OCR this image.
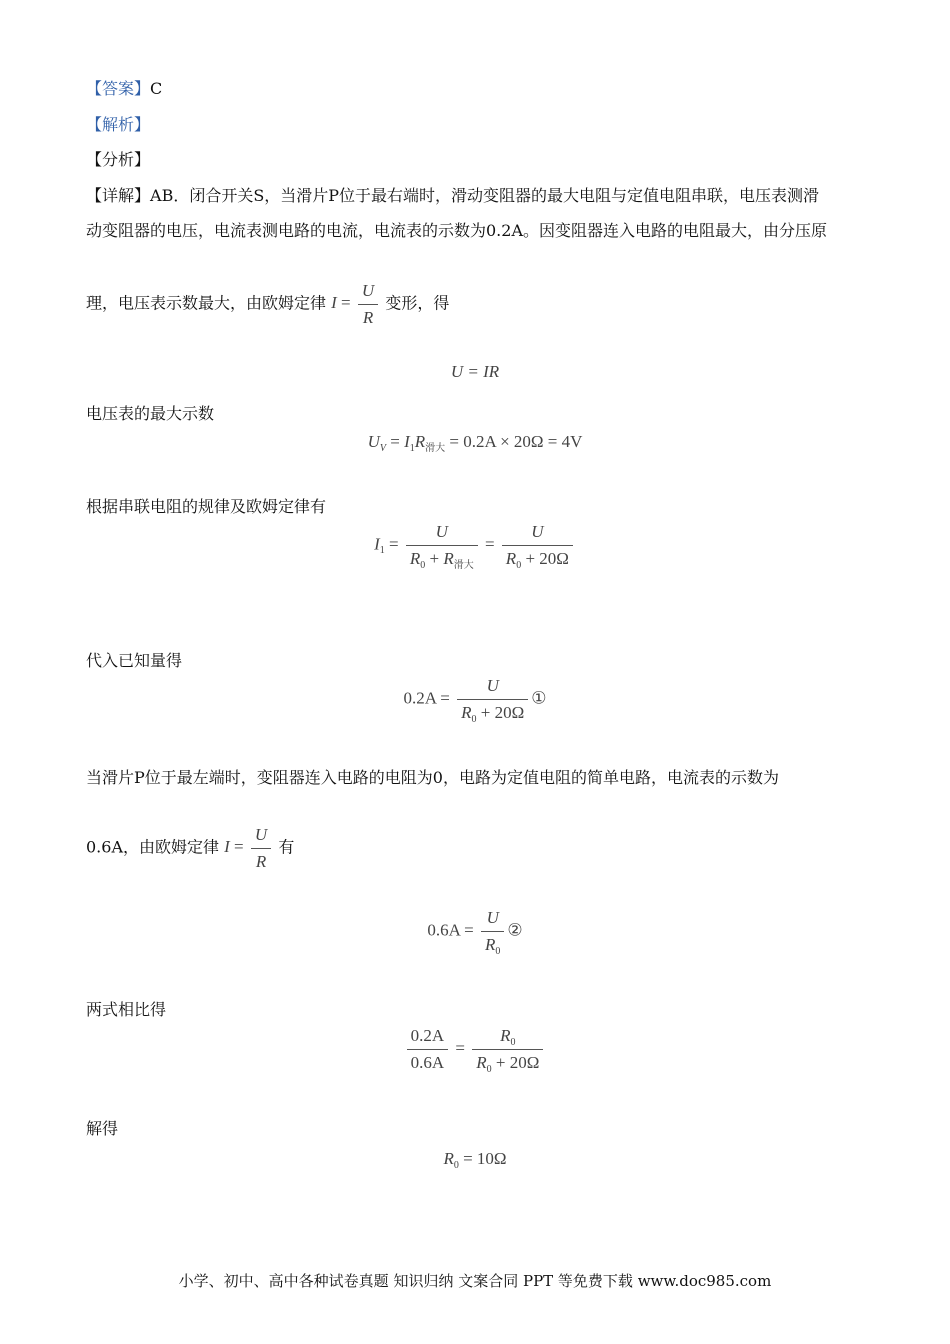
【答案】C
【解析】
【分析】
【详解】AB．闭合开关S，当滑片P位于最右端时，滑动变阻器的最大电阻与定值电阻串联，电压表测滑
动变阻器的电压，电流表测电路的电流，电流表的示数为0.2A。因变阻器连入电路的电阻最大，由分压原
理，电压表示数最大，由欧姆定律 $I = \frac{U}{R}$ 变形，得
U = IR
电压表的最大示数
$U_V = I_1R_{滑大} = 0.2A \times 20\Omega = 4V$
根据串联电阻的规律及欧姆定律有
$I_1 = \frac{U}{R_0 + R_{滑大}} = \frac{U}{R_0 + 20\Omega}$
代入已知量得
$0.2A = \frac{U}{R_0 + 20\Omega}$ ①
当滑片P位于最左端时，变阻器连入电路的电阻为0，电路为定值电阻的简单电路，电流表的示数为
0.6A，由欧姆定律 $I = \frac{U}{R}$ 有
$0.6A = \frac{U}{R_0}$ ②
两式相比得
$\frac{0.2A}{0.6A} = \frac{R_0}{R_0 + 20\Omega}$
解得
$R_0 = 10\Omega$
小学、初中、高中各种试卷真题 知识归纳 文案合同 PPT 等免费下载 www.doc985.com
